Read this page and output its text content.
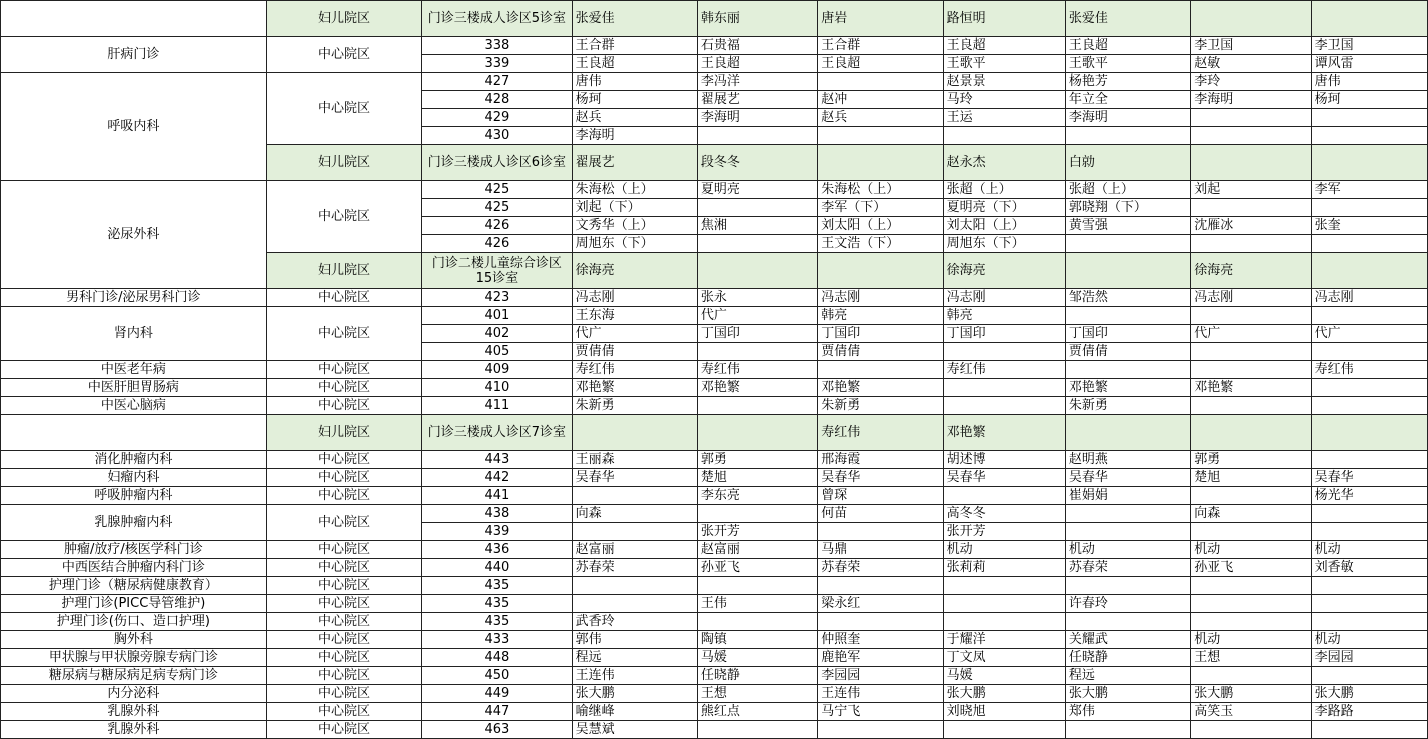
	妇儿院区	门诊三楼成人诊区5诊室	张爱佳	韩东丽	唐岩	路恒明	张爱佳		
肝病门诊	中心院区	338	王合群	石贵福	王合群	王良超	王良超	李卫国	李卫国
		339	王良超	王良超	王良超	王歌平	王歌平	赵敏	谭风雷
呼吸内科	中心院区	427	唐伟	李冯洋		赵景景	杨艳芳	李玲	唐伟
		428	杨珂	翟展艺	赵冲	马玲	年立全	李海明	杨珂
		429	赵兵	李海明	赵兵	王运	李海明		
		430	李海明						
	妇儿院区	门诊三楼成人诊区6诊室	翟展艺	段冬冬		赵永杰	白勍		
泌尿外科	中心院区	425	朱海松（上）	夏明亮	朱海松（上）	张超（上）	张超（上）	刘起	李军
		425	刘起（下）		李军（下）	夏明亮（下）	郭晓翔（下）		
		426	文秀华（上）	焦湘	刘太阳（上）	刘太阳（上）	黄雪强	沈雁冰	张奎
		426	周旭东（下）		王文浩（下）	周旭东（下）			
	妇儿院区	门诊二楼儿童综合诊区15诊室	徐海亮			徐海亮		徐海亮	
男科门诊/泌尿男科门诊	中心院区	423	冯志刚	张永	冯志刚	冯志刚	邹浩然	冯志刚	冯志刚
肾内科	中心院区	401	王东海	代广	韩亮	韩亮			
		402	代广	丁国印	丁国印	丁国印	丁国印	代广	代广
		405	贾倩倩		贾倩倩		贾倩倩		
中医老年病	中心院区	409	寿红伟	寿红伟		寿红伟			寿红伟
中医肝胆胃肠病	中心院区	410	邓艳繁	邓艳繁	邓艳繁		邓艳繁	邓艳繁	
中医心脑病	中心院区	411	朱新勇		朱新勇		朱新勇		
	妇儿院区	门诊三楼成人诊区7诊室			寿红伟	邓艳繁			
消化肿瘤内科	中心院区	443	王丽森	郭勇	邢海霞	胡述博	赵明燕	郭勇	
妇瘤内科	中心院区	442	吴春华	楚旭	吴春华	吴春华	吴春华	楚旭	吴春华
呼吸肿瘤内科	中心院区	441		李东亮	曾琛		崔娟娟		杨光华
乳腺肿瘤内科	中心院区	438	向森		何苗	高冬冬		向森	
		439		张开芳		张开芳			
肿瘤/放疗/核医学科门诊	中心院区	436	赵富丽	赵富丽	马鼎	机动	机动	机动	机动
中西医结合肿瘤内科门诊	中心院区	440	苏春荣	孙亚飞	苏春荣	张莉莉	苏春荣	孙亚飞	刘香敏
护理门诊（糖尿病健康教育）	中心院区	435							
护理门诊(PICC导管维护)	中心院区	435		王伟	梁永红		许春玲		
护理门诊(伤口、造口护理)	中心院区	435	武香玲						
胸外科	中心院区	433	郭伟	陶镇	仲照奎	于耀洋	关耀武	机动	机动
甲状腺与甲状腺旁腺专病门诊	中心院区	448	程远	马媛	鹿艳军	丁文凤	任晓静	王想	李园园
糖尿病与糖尿病足病专病门诊	中心院区	450	王连伟	任晓静	李园园	马媛	程远		
内分泌科	中心院区	449	张大鹏	王想	王连伟	张大鹏	张大鹏	张大鹏	张大鹏
乳腺外科	中心院区	447	喻继峰	熊红点	马宁飞	刘晓旭	郑伟	高笑玉	李路路
乳腺外科	中心院区	463	吴慧斌						
